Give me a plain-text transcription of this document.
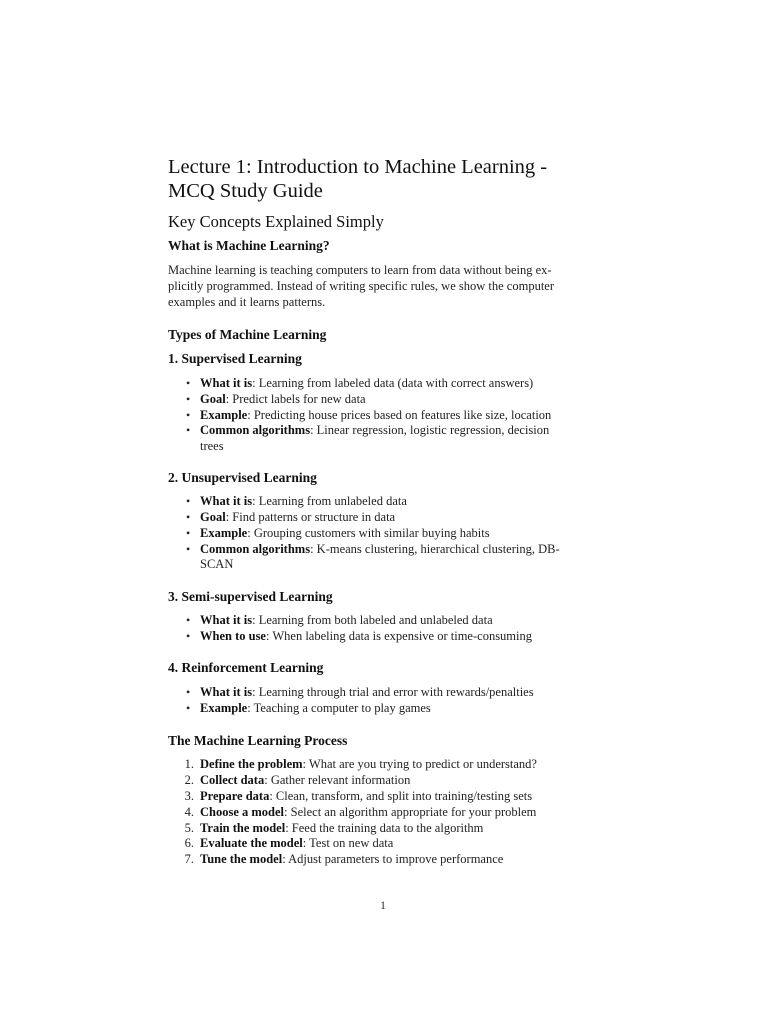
Lecture 1: Introduction to Machine Learning -

MCQ Study Guide

Key Concepts Explained Simply

What is Machine Learning?

Machine learning is teaching computers to learn from data without being ex-

plicitly programmed. Instead of writing specific rules, we show the computer

examples and it learns patterns.

Types of Machine Learning

1. Supervised Learning

• What it is: Learning from labeled data (data with correct answers)

• Goal: Predict labels for new data

• Example: Predicting house prices based on features like size, location

• Common algorithms: Linear regression, logistic regression, decision

trees

2. Unsupervised Learning

• What it is: Learning from unlabeled data

• Goal: Find patterns or structure in data

• Example: Grouping customers with similar buying habits

• Common algorithms: K-means clustering, hierarchical clustering, DB-

SCAN

3. Semi-supervised Learning

• What it is: Learning from both labeled and unlabeled data

• When to use: When labeling data is expensive or time-consuming

4. Reinforcement Learning

• What it is: Learning through trial and error with rewards/penalties

• Example: Teaching a computer to play games

The Machine Learning Process

1. Define the problem: What are you trying to predict or understand?

2. Collect data: Gather relevant information

3. Prepare data: Clean, transform, and split into training/testing sets

4. Choose a model: Select an algorithm appropriate for your problem

5. Train the model: Feed the training data to the algorithm

6. Evaluate the model: Test on new data

7. Tune the model: Adjust parameters to improve performance

1
